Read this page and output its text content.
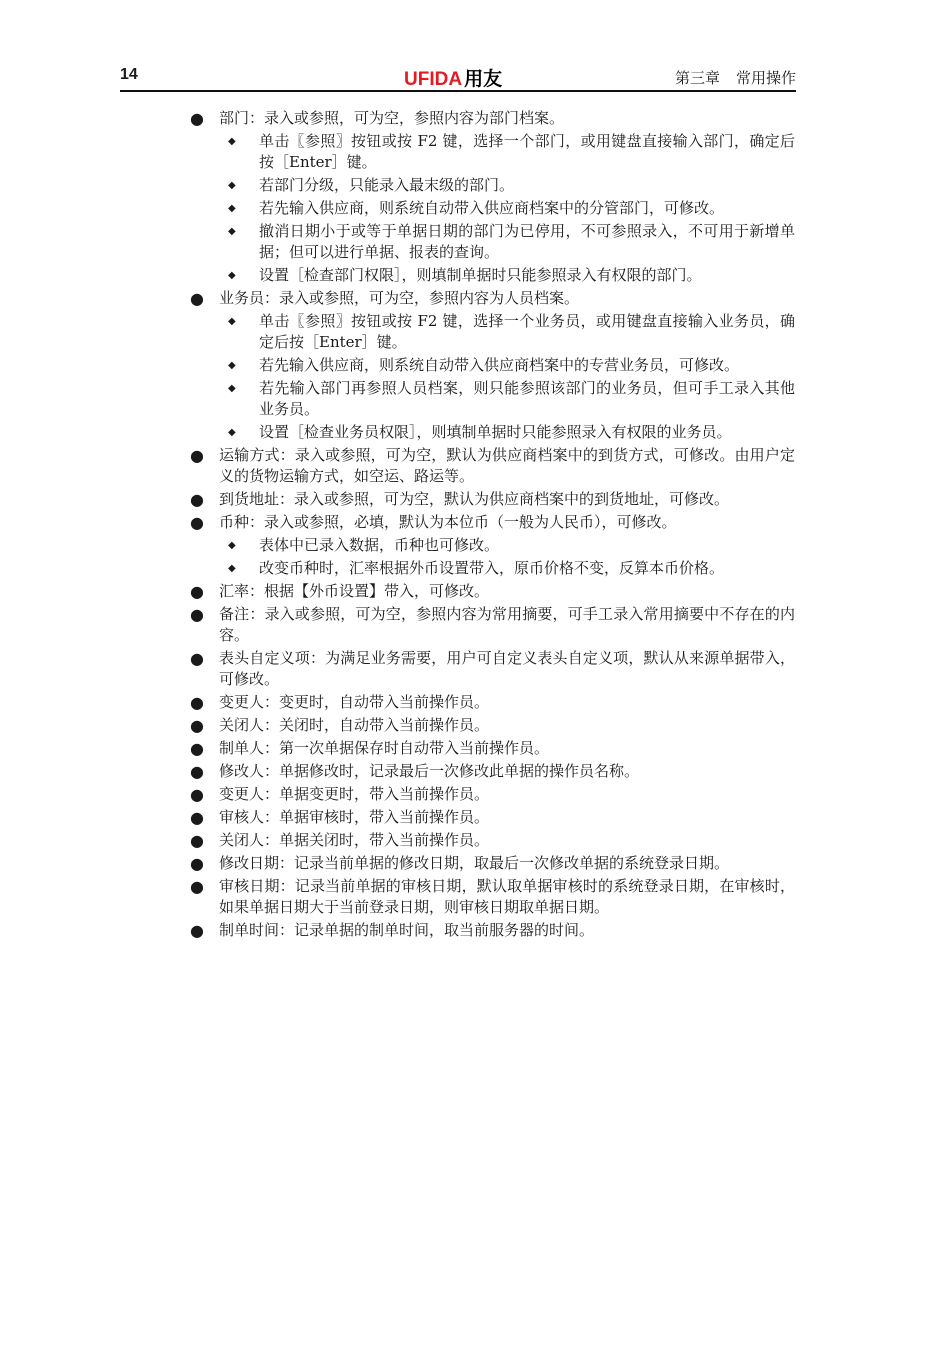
14	UFIDA 用友	第三章 常用操作
● 部门：录入或参照，可为空，参照内容为部门档案。
◆ 单击〖参照〗按钮或按 F2 键，选择一个部门，或用键盘直接输入部门，确定后按［Enter］键。
◆ 若部门分级，只能录入最末级的部门。
◆ 若先输入供应商，则系统自动带入供应商档案中的分管部门，可修改。
◆ 撤消日期小于或等于单据日期的部门为已停用，不可参照录入，不可用于新增单据；但可以进行单据、报表的查询。
◆ 设置［检查部门权限］，则填制单据时只能参照录入有权限的部门。
● 业务员：录入或参照，可为空，参照内容为人员档案。
◆ 单击〖参照〗按钮或按 F2 键，选择一个业务员，或用键盘直接输入业务员，确定后按［Enter］键。
◆ 若先输入供应商，则系统自动带入供应商档案中的专营业务员，可修改。
◆ 若先输入部门再参照人员档案，则只能参照该部门的业务员，但可手工录入其他业务员。
◆ 设置［检查业务员权限］，则填制单据时只能参照录入有权限的业务员。
● 运输方式：录入或参照，可为空，默认为供应商档案中的到货方式，可修改。由用户定义的货物运输方式，如空运、路运等。
● 到货地址：录入或参照，可为空，默认为供应商档案中的到货地址，可修改。
● 币种：录入或参照，必填，默认为本位币（一般为人民币），可修改。
◆ 表体中已录入数据，币种也可修改。
◆ 改变币种时，汇率根据外币设置带入，原币价格不变，反算本币价格。
● 汇率：根据【外币设置】带入，可修改。
● 备注：录入或参照，可为空，参照内容为常用摘要，可手工录入常用摘要中不存在的内容。
● 表头自定义项：为满足业务需要，用户可自定义表头自定义项，默认从来源单据带入，可修改。
● 变更人：变更时，自动带入当前操作员。
● 关闭人：关闭时，自动带入当前操作员。
● 制单人：第一次单据保存时自动带入当前操作员。
● 修改人：单据修改时，记录最后一次修改此单据的操作员名称。
● 变更人：单据变更时，带入当前操作员。
● 审核人：单据审核时，带入当前操作员。
● 关闭人：单据关闭时，带入当前操作员。
● 修改日期：记录当前单据的修改日期，取最后一次修改单据的系统登录日期。
● 审核日期：记录当前单据的审核日期，默认取单据审核时的系统登录日期，在审核时，如果单据日期大于当前登录日期，则审核日期取单据日期。
● 制单时间：记录单据的制单时间，取当前服务器的时间。
